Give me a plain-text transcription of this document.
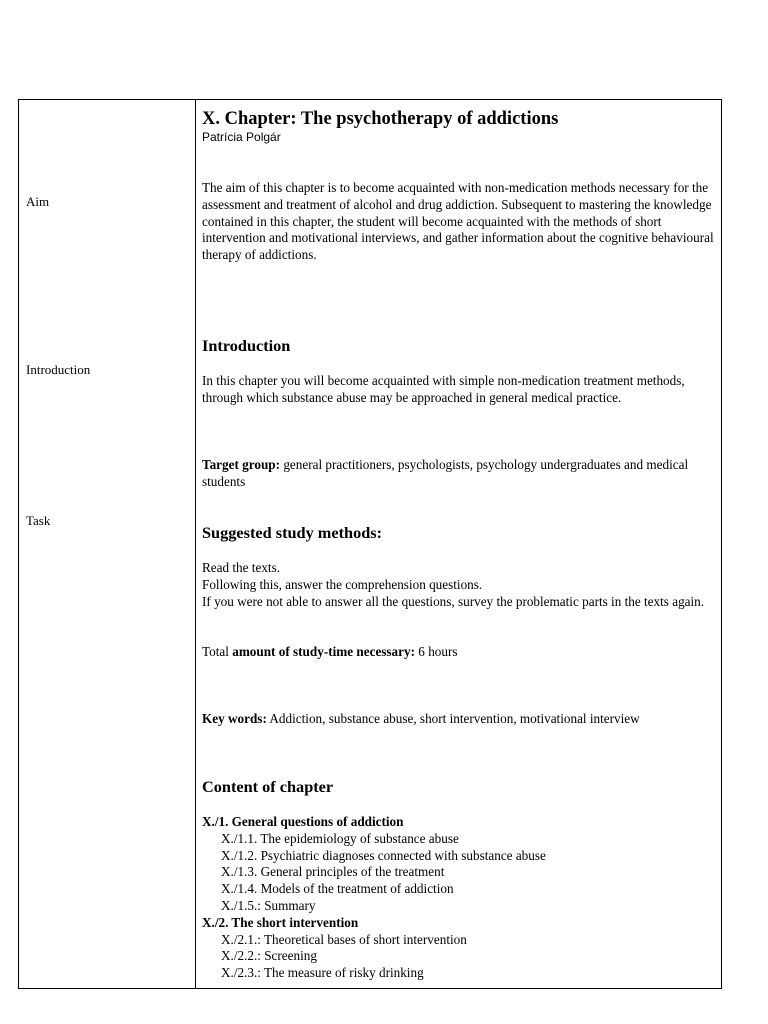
Aim
Introduction
Task
X. Chapter: The psychotherapy of addictions
Patrícia Polgár

The aim of this chapter is to become acquainted with non-medication methods necessary for the assessment and treatment of alcohol and drug addiction. Subsequent to mastering the knowledge contained in this chapter, the student will become acquainted with the methods of short intervention and motivational interviews, and gather information about the cognitive behavioural therapy of addictions.

Introduction

In this chapter you will become acquainted with simple non-medication treatment methods, through which substance abuse may be approached in general medical practice.

Target group: general practitioners, psychologists, psychology undergraduates and medical students

Suggested study methods:

Read the texts.

Following this, answer the comprehension questions.

If you were not able to answer all the questions, survey the problematic parts in the texts again.

Total amount of study-time necessary: 6 hours

Key words: Addiction, substance abuse, short intervention, motivational interview

Content of chapter
X./1. General questions of addiction
X./1.1. The epidemiology of substance abuse
X./1.2. Psychiatric diagnoses connected with substance abuse
X./1.3. General principles of the treatment
X./1.4. Models of the treatment of addiction
X./1.5.: Summary
X./2. The short intervention
X./2.1.: Theoretical bases of short intervention
X./2.2.: Screening
X./2.3.: The measure of risky drinking
